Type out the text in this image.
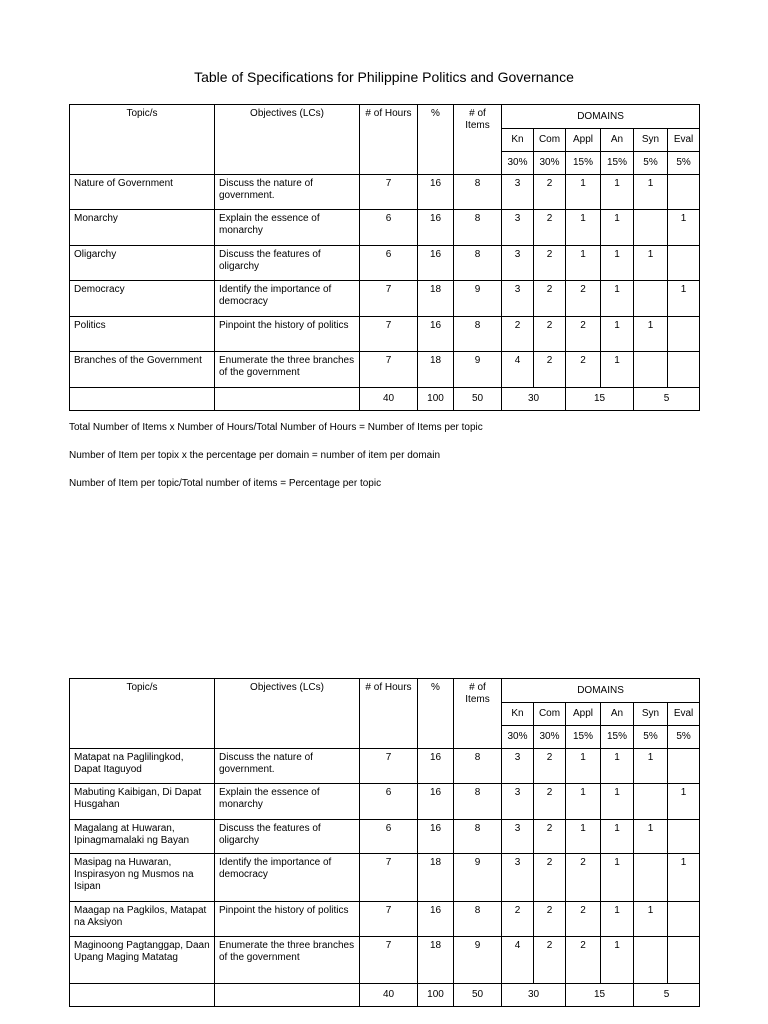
Table of Specifications for Philippine Politics and Governance
Topic/s	Objectives (LCs)	# of Hours	%	# of Items	DOMAINS					
					Kn	Com	Appl	An	Syn	Eval
					30%	30%	15%	15%	5%	5%
Nature of Government	Discuss the nature of government.	7	16	8	3	2	1	1	1	
Monarchy	Explain the essence of monarchy	6	16	8	3	2	1	1		1
Oligarchy	Discuss the features of oligarchy	6	16	8	3	2	1	1	1	
Democracy	Identify the importance of democracy	7	18	9	3	2	2	1		1
Politics	Pinpoint the history of politics	7	16	8	2	2	2	1	1	
Branches of the Government	Enumerate the three branches of the government	7	18	9	4	2	2	1		
		40	100	50	30		15		5	
Total Number of Items x Number of Hours/Total Number of Hours = Number of Items per topic
Number of Item per topix x the percentage per domain = number of item per domain
Number of Item per topic/Total number of items = Percentage per topic
Topic/s	Objectives (LCs)	# of Hours	%	# of Items	DOMAINS					
					Kn	Com	Appl	An	Syn	Eval
					30%	30%	15%	15%	5%	5%
Matapat na Paglilingkod, Dapat Itaguyod	Discuss the nature of government.	7	16	8	3	2	1	1	1	
Mabuting Kaibigan, Di Dapat Husgahan	Explain the essence of monarchy	6	16	8	3	2	1	1		1
Magalang at Huwaran, Ipinagmamalaki ng Bayan	Discuss the features of oligarchy	6	16	8	3	2	1	1	1	
Masipag na Huwaran, Inspirasyon ng Musmos na Isipan	Identify the importance of democracy	7	18	9	3	2	2	1		1
Maagap na Pagkilos, Matapat na Aksiyon	Pinpoint the history of politics	7	16	8	2	2	2	1	1	
Maginoong Pagtanggap, Daan Upang Maging Matatag	Enumerate the three branches of the government	7	18	9	4	2	2	1		
		40	100	50	30		15		5	
